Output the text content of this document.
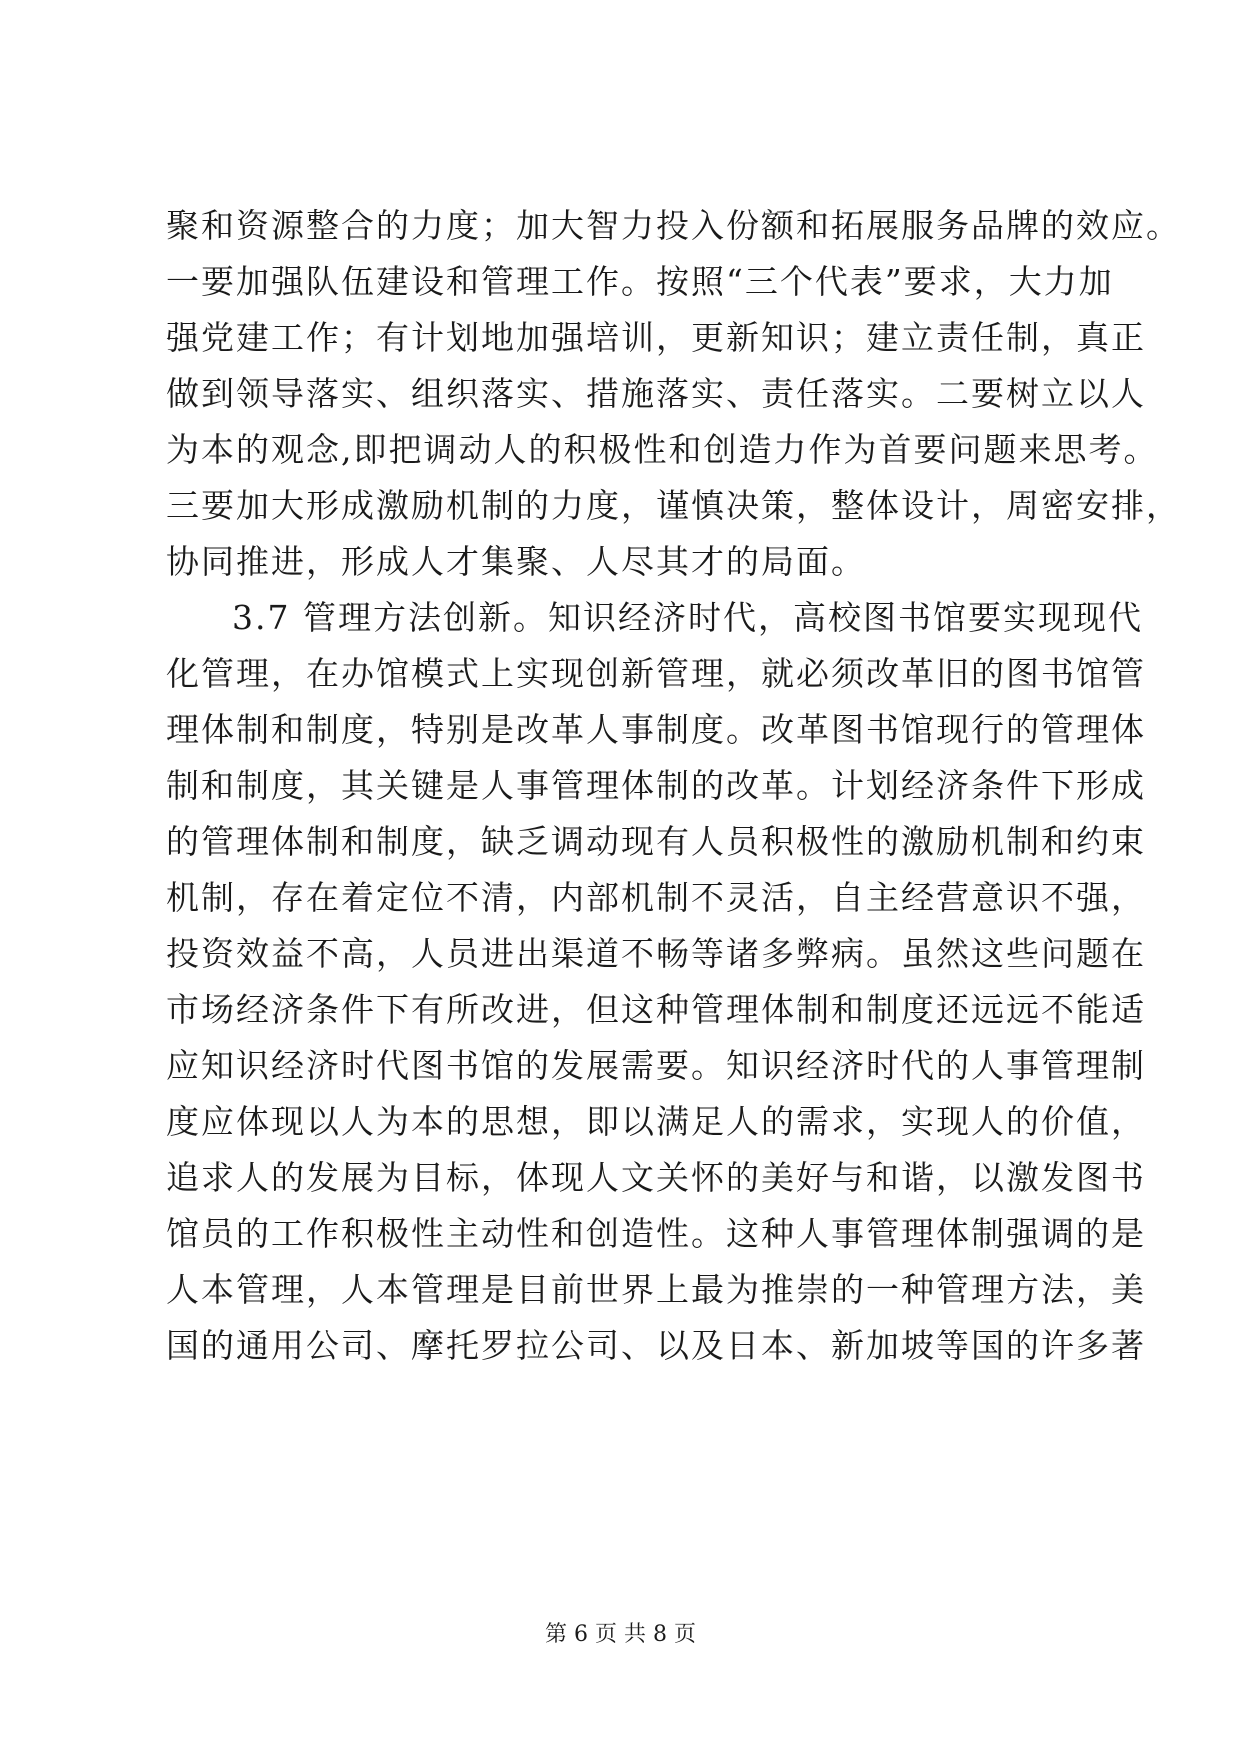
聚和资源整合的力度；加大智力投入份额和拓展服务品牌的效应。
一要加强队伍建设和管理工作。按照“三个代表”要求，大力加
强党建工作；有计划地加强培训，更新知识；建立责任制，真正
做到领导落实、组织落实、措施落实、责任落实。二要树立以人
为本的观念,即把调动人的积极性和创造力作为首要问题来思考。
三要加大形成激励机制的力度，谨慎决策，整体设计，周密安排，
协同推进，形成人才集聚、人尽其才的局面。
3.7 管理方法创新。知识经济时代，高校图书馆要实现现代
化管理，在办馆模式上实现创新管理，就必须改革旧的图书馆管
理体制和制度，特别是改革人事制度。改革图书馆现行的管理体
制和制度，其关键是人事管理体制的改革。计划经济条件下形成
的管理体制和制度，缺乏调动现有人员积极性的激励机制和约束
机制，存在着定位不清，内部机制不灵活，自主经营意识不强，
投资效益不高，人员进出渠道不畅等诸多弊病。虽然这些问题在
市场经济条件下有所改进，但这种管理体制和制度还远远不能适
应知识经济时代图书馆的发展需要。知识经济时代的人事管理制
度应体现以人为本的思想，即以满足人的需求，实现人的价值，
追求人的发展为目标，体现人文关怀的美好与和谐，以激发图书
馆员的工作积极性主动性和创造性。这种人事管理体制强调的是
人本管理，人本管理是目前世界上最为推崇的一种管理方法，美
国的通用公司、摩托罗拉公司、以及日本、新加坡等国的许多著
第 6 页 共 8 页
